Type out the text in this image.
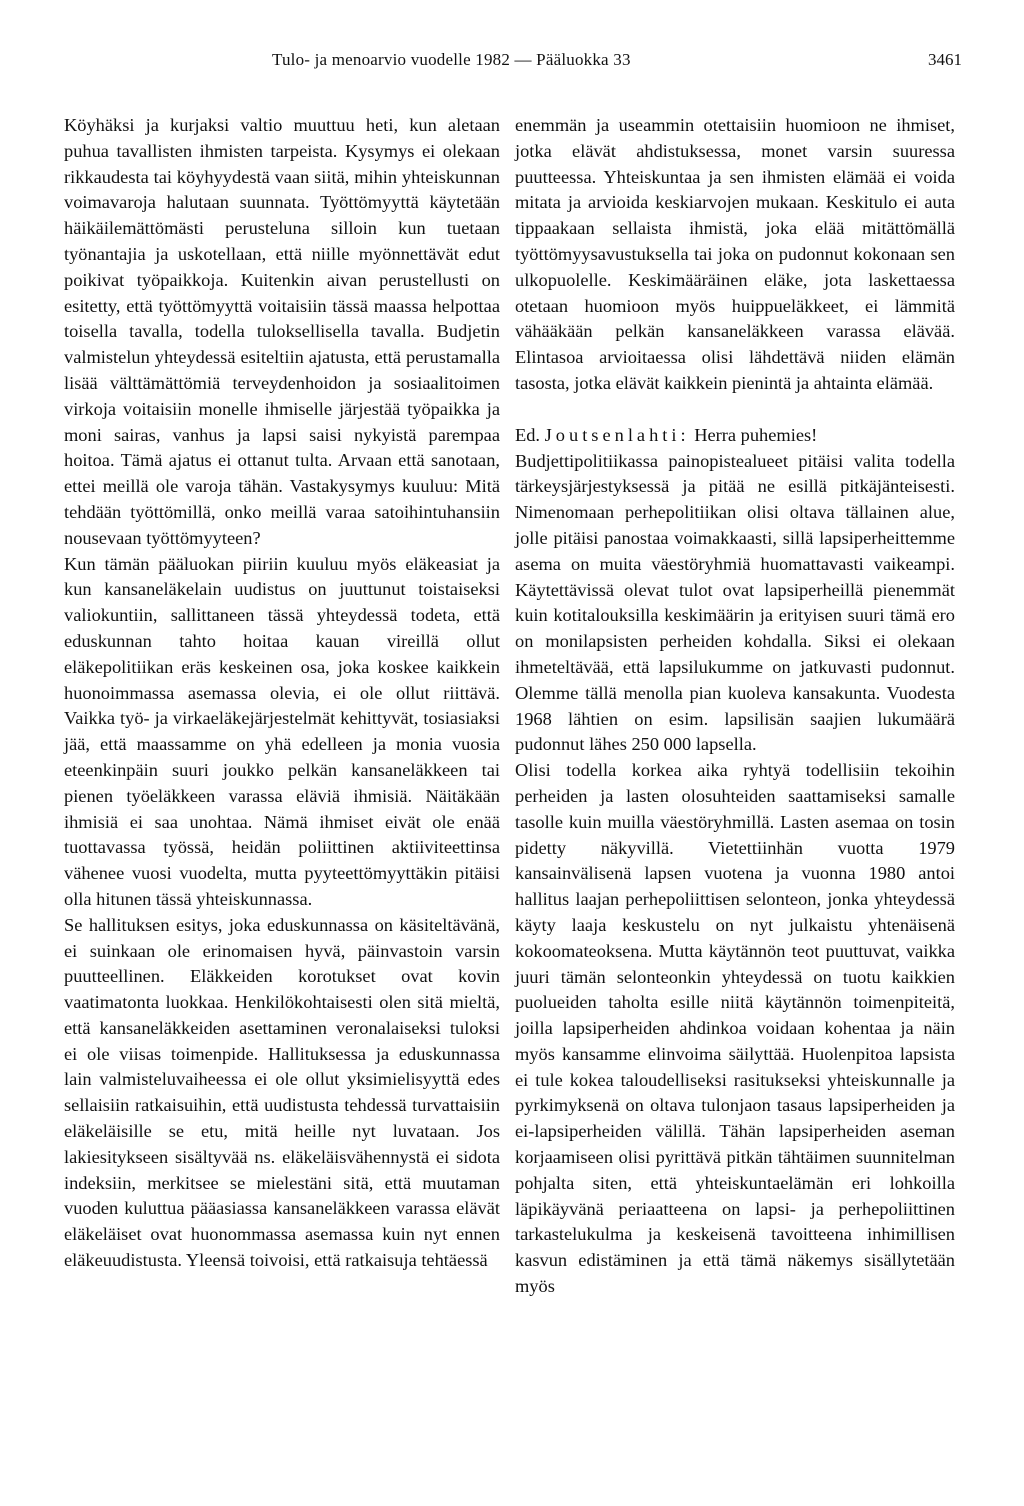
Tulo- ja menoarvio vuodelle 1982 — Pääluokka 33	3461

Köyhäksi ja kurjaksi valtio muuttuu heti, kun aletaan puhua tavallisten ihmisten tarpeista. Kysymys ei olekaan rikkaudesta tai köyhyydestä vaan siitä, mihin yhteiskunnan voimavaroja halutaan suunnata. Työttömyyttä käytetään häikäilemättömästi perusteluna silloin kun tuetaan työnantajia ja uskotellaan, että niille myönnettävät edut poikivat työpaikkoja. Kuitenkin aivan perustellusti on esitetty, että työttömyyttä voitaisiin tässä maassa helpottaa toisella tavalla, todella tuloksellisella tavalla. Budjetin valmistelun yhteydessä esiteltiin ajatusta, että perustamalla lisää välttämättömiä terveydenhoidon ja sosiaalitoimen virkoja voitaisiin monelle ihmiselle järjestää työpaikka ja moni sairas, vanhus ja lapsi saisi nykyistä parempaa hoitoa. Tämä ajatus ei ottanut tulta. Arvaan että sanotaan, ettei meillä ole varoja tähän. Vastakysymys kuuluu: Mitä tehdään työttömillä, onko meillä varaa satoihintuhansiin nousevaan työttömyyteen?

Kun tämän pääluokan piiriin kuuluu myös eläkeasiat ja kun kansaneläkelain uudistus on juuttunut toistaiseksi valiokuntiin, sallittaneen tässä yhteydessä todeta, että eduskunnan tahto hoitaa kauan vireillä ollut eläkepolitiikan eräs keskeinen osa, joka koskee kaikkein huonoimmassa asemassa olevia, ei ole ollut riittävä. Vaikka työ- ja virkaeläkejärjestelmät kehittyvät, tosiasiaksi jää, että maassamme on yhä edelleen ja monia vuosia eteenkinpäin suuri joukko pelkän kansaneläkkeen tai pienen työeläkkeen varassa eläviä ihmisiä. Näitäkään ihmisiä ei saa unohtaa. Nämä ihmiset eivät ole enää tuottavassa työssä, heidän poliittinen aktiiviteettinsa vähenee vuosi vuodelta, mutta pyyteettömyyttäkin pitäisi olla hitunen tässä yhteiskunnassa.

Se hallituksen esitys, joka eduskunnassa on käsiteltävänä, ei suinkaan ole erinomaisen hyvä, päinvastoin varsin puutteellinen. Eläkkeiden korotukset ovat kovin vaatimatonta luokkaa. Henkilökohtaisesti olen sitä mieltä, että kansaneläkkeiden asettaminen veronalaiseksi tuloksi ei ole viisas toimenpide. Hallituksessa ja eduskunnassa lain valmisteluvaiheessa ei ole ollut yksimielisyyttä edes sellaisiin ratkaisuihin, että uudistusta tehdessä turvattaisiin eläkeläisille se etu, mitä heille nyt luvataan. Jos lakiesitykseen sisältyvää ns. eläkeläisvähennystä ei sidota indeksiin, merkitsee se mielestäni sitä, että muutaman vuoden kuluttua pääasiassa kansaneläkkeen varassa elävät eläkeläiset ovat huonommassa asemassa kuin nyt ennen eläkeuudistusta. Yleensä toivoisi, että ratkaisuja tehtäessä

enemmän ja useammin otettaisiin huomioon ne ihmiset, jotka elävät ahdistuksessa, monet varsin suuressa puutteessa. Yhteiskuntaa ja sen ihmisten elämää ei voida mitata ja arvioida keskiarvojen mukaan. Keskitulo ei auta tippaakaan sellaista ihmistä, joka elää mitättömällä työttömyysavustuksella tai joka on pudonnut kokonaan sen ulkopuolelle. Keskimääräinen eläke, jota laskettaessa otetaan huomioon myös huippueläkkeet, ei lämmitä vähääkään pelkän kansaneläkkeen varassa elävää. Elintasoa arvioitaessa olisi lähdettävä niiden elämän tasosta, jotka elävät kaikkein pienintä ja ahtainta elämää.

Ed. Joutsenlahti: Herra puhemies!

Budjettipolitiikassa painopistealueet pitäisi valita todella tärkeysjärjestyksessä ja pitää ne esillä pitkäjänteisesti. Nimenomaan perhepolitiikan olisi oltava tällainen alue, jolle pitäisi panostaa voimakkaasti, sillä lapsiperheittemme asema on muita väestöryhmiä huomattavasti vaikeampi. Käytettävissä olevat tulot ovat lapsiperheillä pienemmät kuin kotitalouksilla keskimäärin ja erityisen suuri tämä ero on monilapsisten perheiden kohdalla. Siksi ei olekaan ihmeteltävää, että lapsilukumme on jatkuvasti pudonnut. Olemme tällä menolla pian kuoleva kansakunta. Vuodesta 1968 lähtien on esim. lapsilisän saajien lukumäärä pudonnut lähes 250 000 lapsella.

Olisi todella korkea aika ryhtyä todellisiin tekoihin perheiden ja lasten olosuhteiden saattamiseksi samalle tasolle kuin muilla väestöryhmillä. Lasten asemaa on tosin pidetty näkyvillä. Vietettiinhän vuotta 1979 kansainvälisenä lapsen vuotena ja vuonna 1980 antoi hallitus laajan perhepoliittisen selonteon, jonka yhteydessä käyty laaja keskustelu on nyt julkaistu yhtenäisenä kokoomateoksena. Mutta käytännön teot puuttuvat, vaikka juuri tämän selonteonkin yhteydessä on tuotu kaikkien puolueiden taholta esille niitä käytännön toimenpiteitä, joilla lapsiperheiden ahdinkoa voidaan kohentaa ja näin myös kansamme elinvoima säilyttää. Huolenpitoa lapsista ei tule kokea taloudelliseksi rasitukseksi yhteiskunnalle ja pyrkimyksenä on oltava tulonjaon tasaus lapsiperheiden ja ei-lapsiperheiden välillä. Tähän lapsiperheiden aseman korjaamiseen olisi pyrittävä pitkän tähtäimen suunnitelman pohjalta siten, että yhteiskuntaelämän eri lohkoilla läpikäyvänä periaatteena on lapsi- ja perhepoliittinen tarkastelukulma ja keskeisenä tavoitteena inhimillisen kasvun edistäminen ja että tämä näkemys sisällytetään myös
